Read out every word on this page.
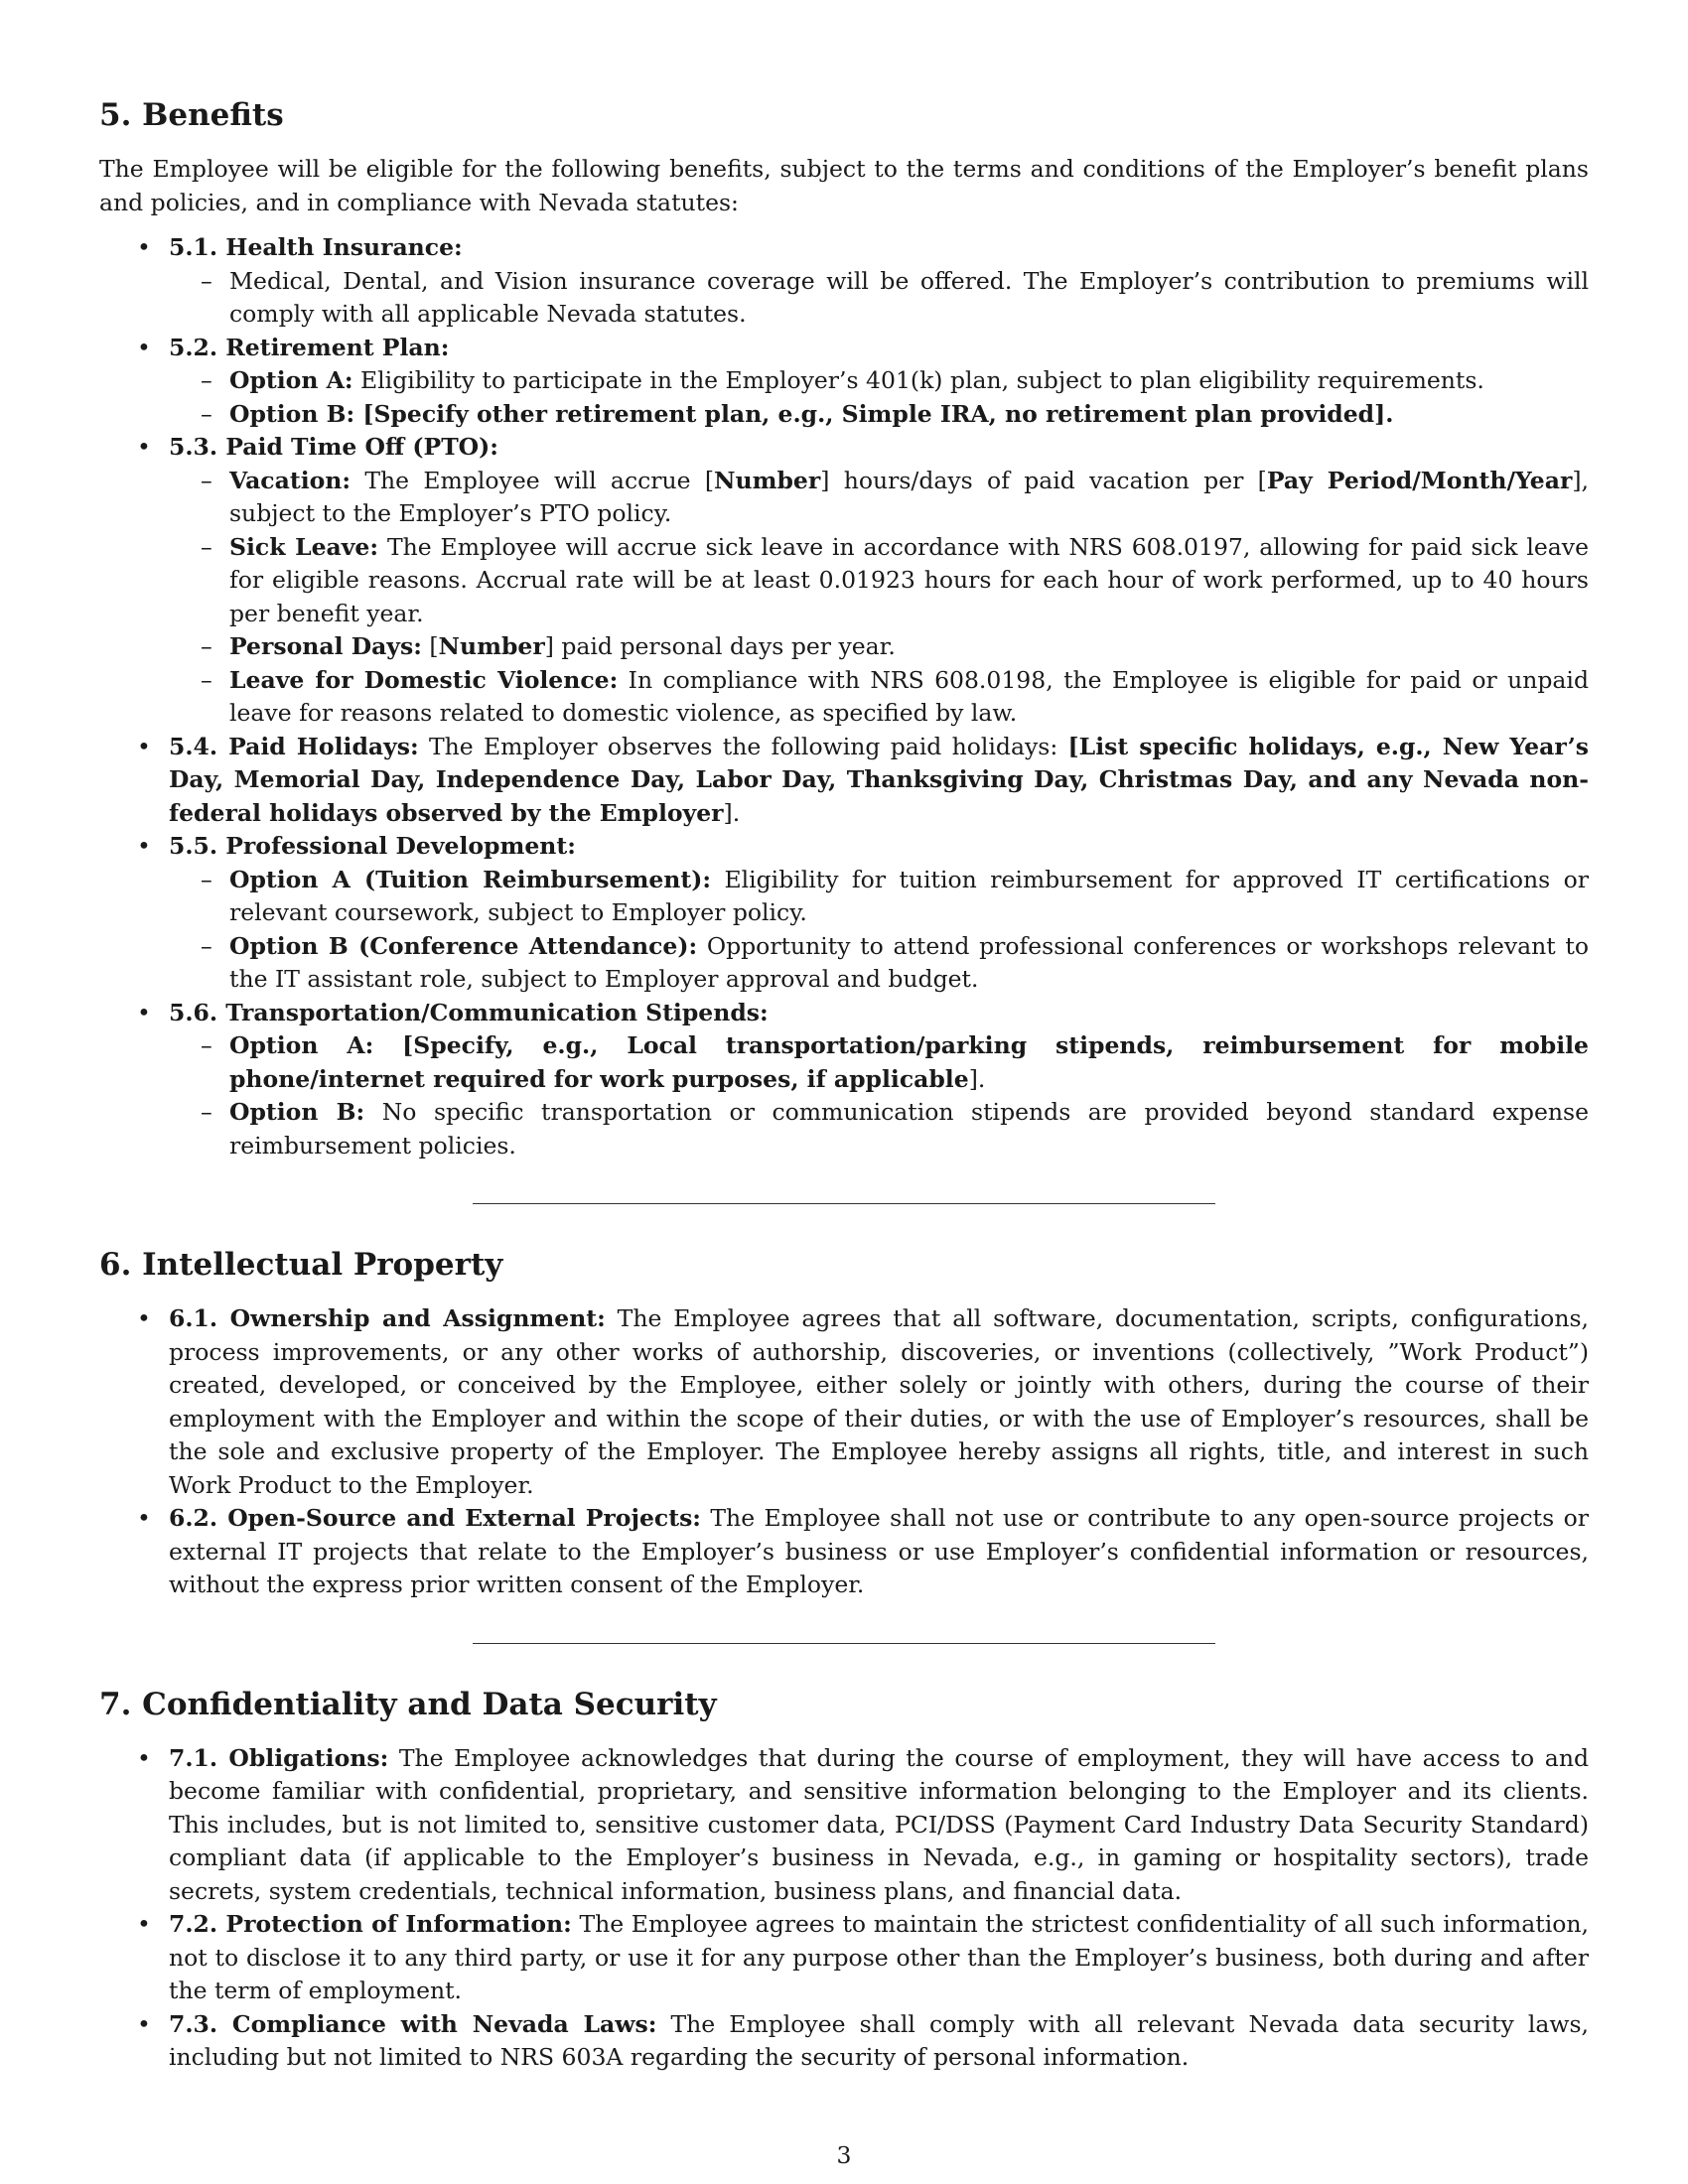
5. Benefits

The Employee will be eligible for the following benefits, subject to the terms and conditions of the Employer’s benefit plans and policies, and in compliance with Nevada statutes:

• 5.1. Health Insurance:
– Medical, Dental, and Vision insurance coverage will be offered. The Employer’s contribution to premiums will comply with all applicable Nevada statutes.
• 5.2. Retirement Plan:
– Option A: Eligibility to participate in the Employer’s 401(k) plan, subject to plan eligibility requirements.
– Option B: [Specify other retirement plan, e.g., Simple IRA, no retirement plan provided].
• 5.3. Paid Time Off (PTO):
– Vacation: The Employee will accrue [Number] hours/days of paid vacation per [Pay Period/Month/Year], subject to the Employer’s PTO policy.
– Sick Leave: The Employee will accrue sick leave in accordance with NRS 608.0197, allowing for paid sick leave for eligible reasons. Accrual rate will be at least 0.01923 hours for each hour of work performed, up to 40 hours per benefit year.
– Personal Days: [Number] paid personal days per year.
– Leave for Domestic Violence: In compliance with NRS 608.0198, the Employee is eligible for paid or unpaid leave for reasons related to domestic violence, as specified by law.
• 5.4. Paid Holidays: The Employer observes the following paid holidays: [List specific holidays, e.g., New Year’s Day, Memorial Day, Independence Day, Labor Day, Thanksgiving Day, Christmas Day, and any Nevada non-federal holidays observed by the Employer].
• 5.5. Professional Development:
– Option A (Tuition Reimbursement): Eligibility for tuition reimbursement for approved IT certifications or relevant coursework, subject to Employer policy.
– Option B (Conference Attendance): Opportunity to attend professional conferences or workshops relevant to the IT assistant role, subject to Employer approval and budget.
• 5.6. Transportation/Communication Stipends:
– Option A: [Specify, e.g., Local transportation/parking stipends, reimbursement for mobile phone/internet required for work purposes, if applicable].
– Option B: No specific transportation or communication stipends are provided beyond standard expense reimbursement policies.
6. Intellectual Property
• 6.1. Ownership and Assignment: The Employee agrees that all software, documentation, scripts, configurations, process improvements, or any other works of authorship, discoveries, or inventions (collectively, ”Work Product”) created, developed, or conceived by the Employee, either solely or jointly with others, during the course of their employment with the Employer and within the scope of their duties, or with the use of Employer’s resources, shall be the sole and exclusive property of the Employer. The Employee hereby assigns all rights, title, and interest in such Work Product to the Employer.
• 6.2. Open-Source and External Projects: The Employee shall not use or contribute to any open-source projects or external IT projects that relate to the Employer’s business or use Employer’s confidential information or resources, without the express prior written consent of the Employer.
7. Confidentiality and Data Security
• 7.1. Obligations: The Employee acknowledges that during the course of employment, they will have access to and become familiar with confidential, proprietary, and sensitive information belonging to the Employer and its clients. This includes, but is not limited to, sensitive customer data, PCI/DSS (Payment Card Industry Data Security Standard) compliant data (if applicable to the Employer’s business in Nevada, e.g., in gaming or hospitality sectors), trade secrets, system credentials, technical information, business plans, and financial data.
• 7.2. Protection of Information: The Employee agrees to maintain the strictest confidentiality of all such information, not to disclose it to any third party, or use it for any purpose other than the Employer’s business, both during and after the term of employment.
• 7.3. Compliance with Nevada Laws: The Employee shall comply with all relevant Nevada data security laws, including but not limited to NRS 603A regarding the security of personal information.
3
